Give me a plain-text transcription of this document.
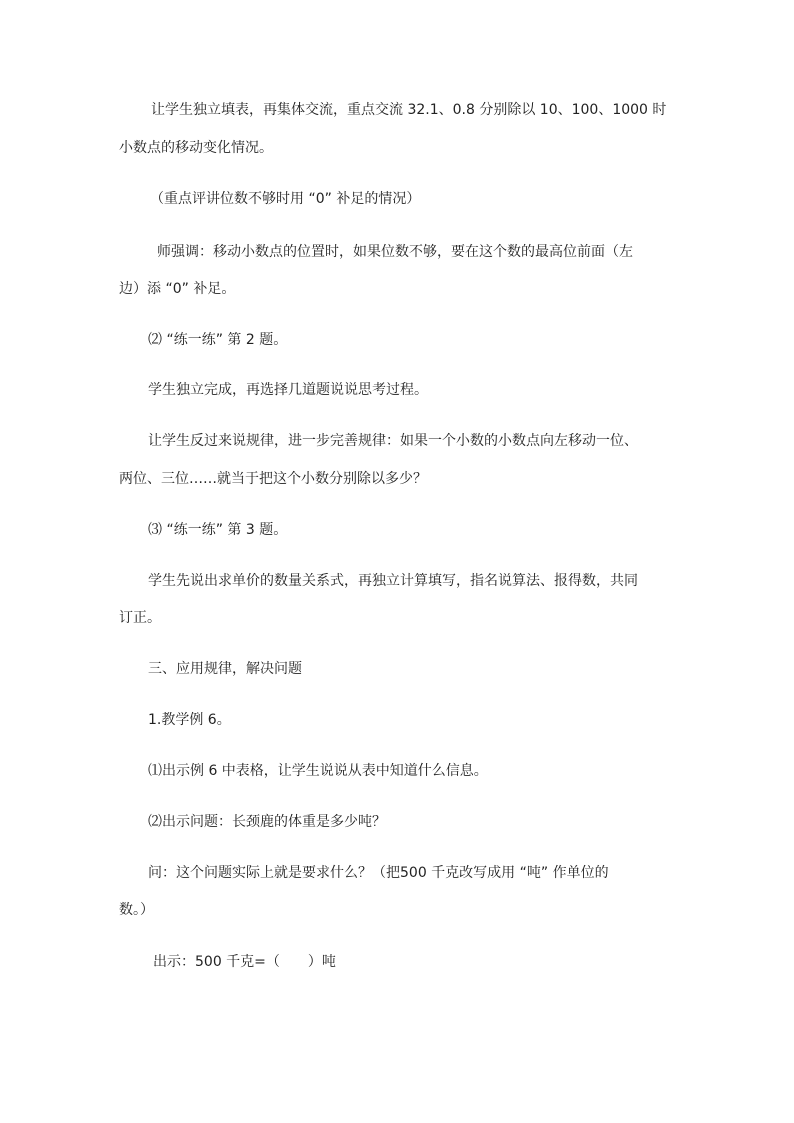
让学生独立填表，再集体交流，重点交流 32.1、0.8 分别除以 10、100、1000 时
小数点的移动变化情况。
（重点评讲位数不够时用 “0” 补足的情况）
师强调：移动小数点的位置时，如果位数不够，要在这个数的最高位前面（左
边）添 “0” 补足。
⑵ “练一练” 第 2 题。
学生独立完成，再选择几道题说说思考过程。
让学生反过来说规律，进一步完善规律：如果一个小数的小数点向左移动一位、
两位、三位……就当于把这个小数分别除以多少？
⑶ “练一练” 第 3 题。
学生先说出求单价的数量关系式，再独立计算填写，指名说算法、报得数，共同
订正。
三、应用规律，解决问题
1.教学例 6。
⑴出示例 6 中表格，让学生说说从表中知道什么信息。
⑵出示问题：长颈鹿的体重是多少吨？
问：这个问题实际上就是要求什么？（把500 千克改写成用 “吨” 作单位的
数。）
出示：500 千克=（　　）吨
